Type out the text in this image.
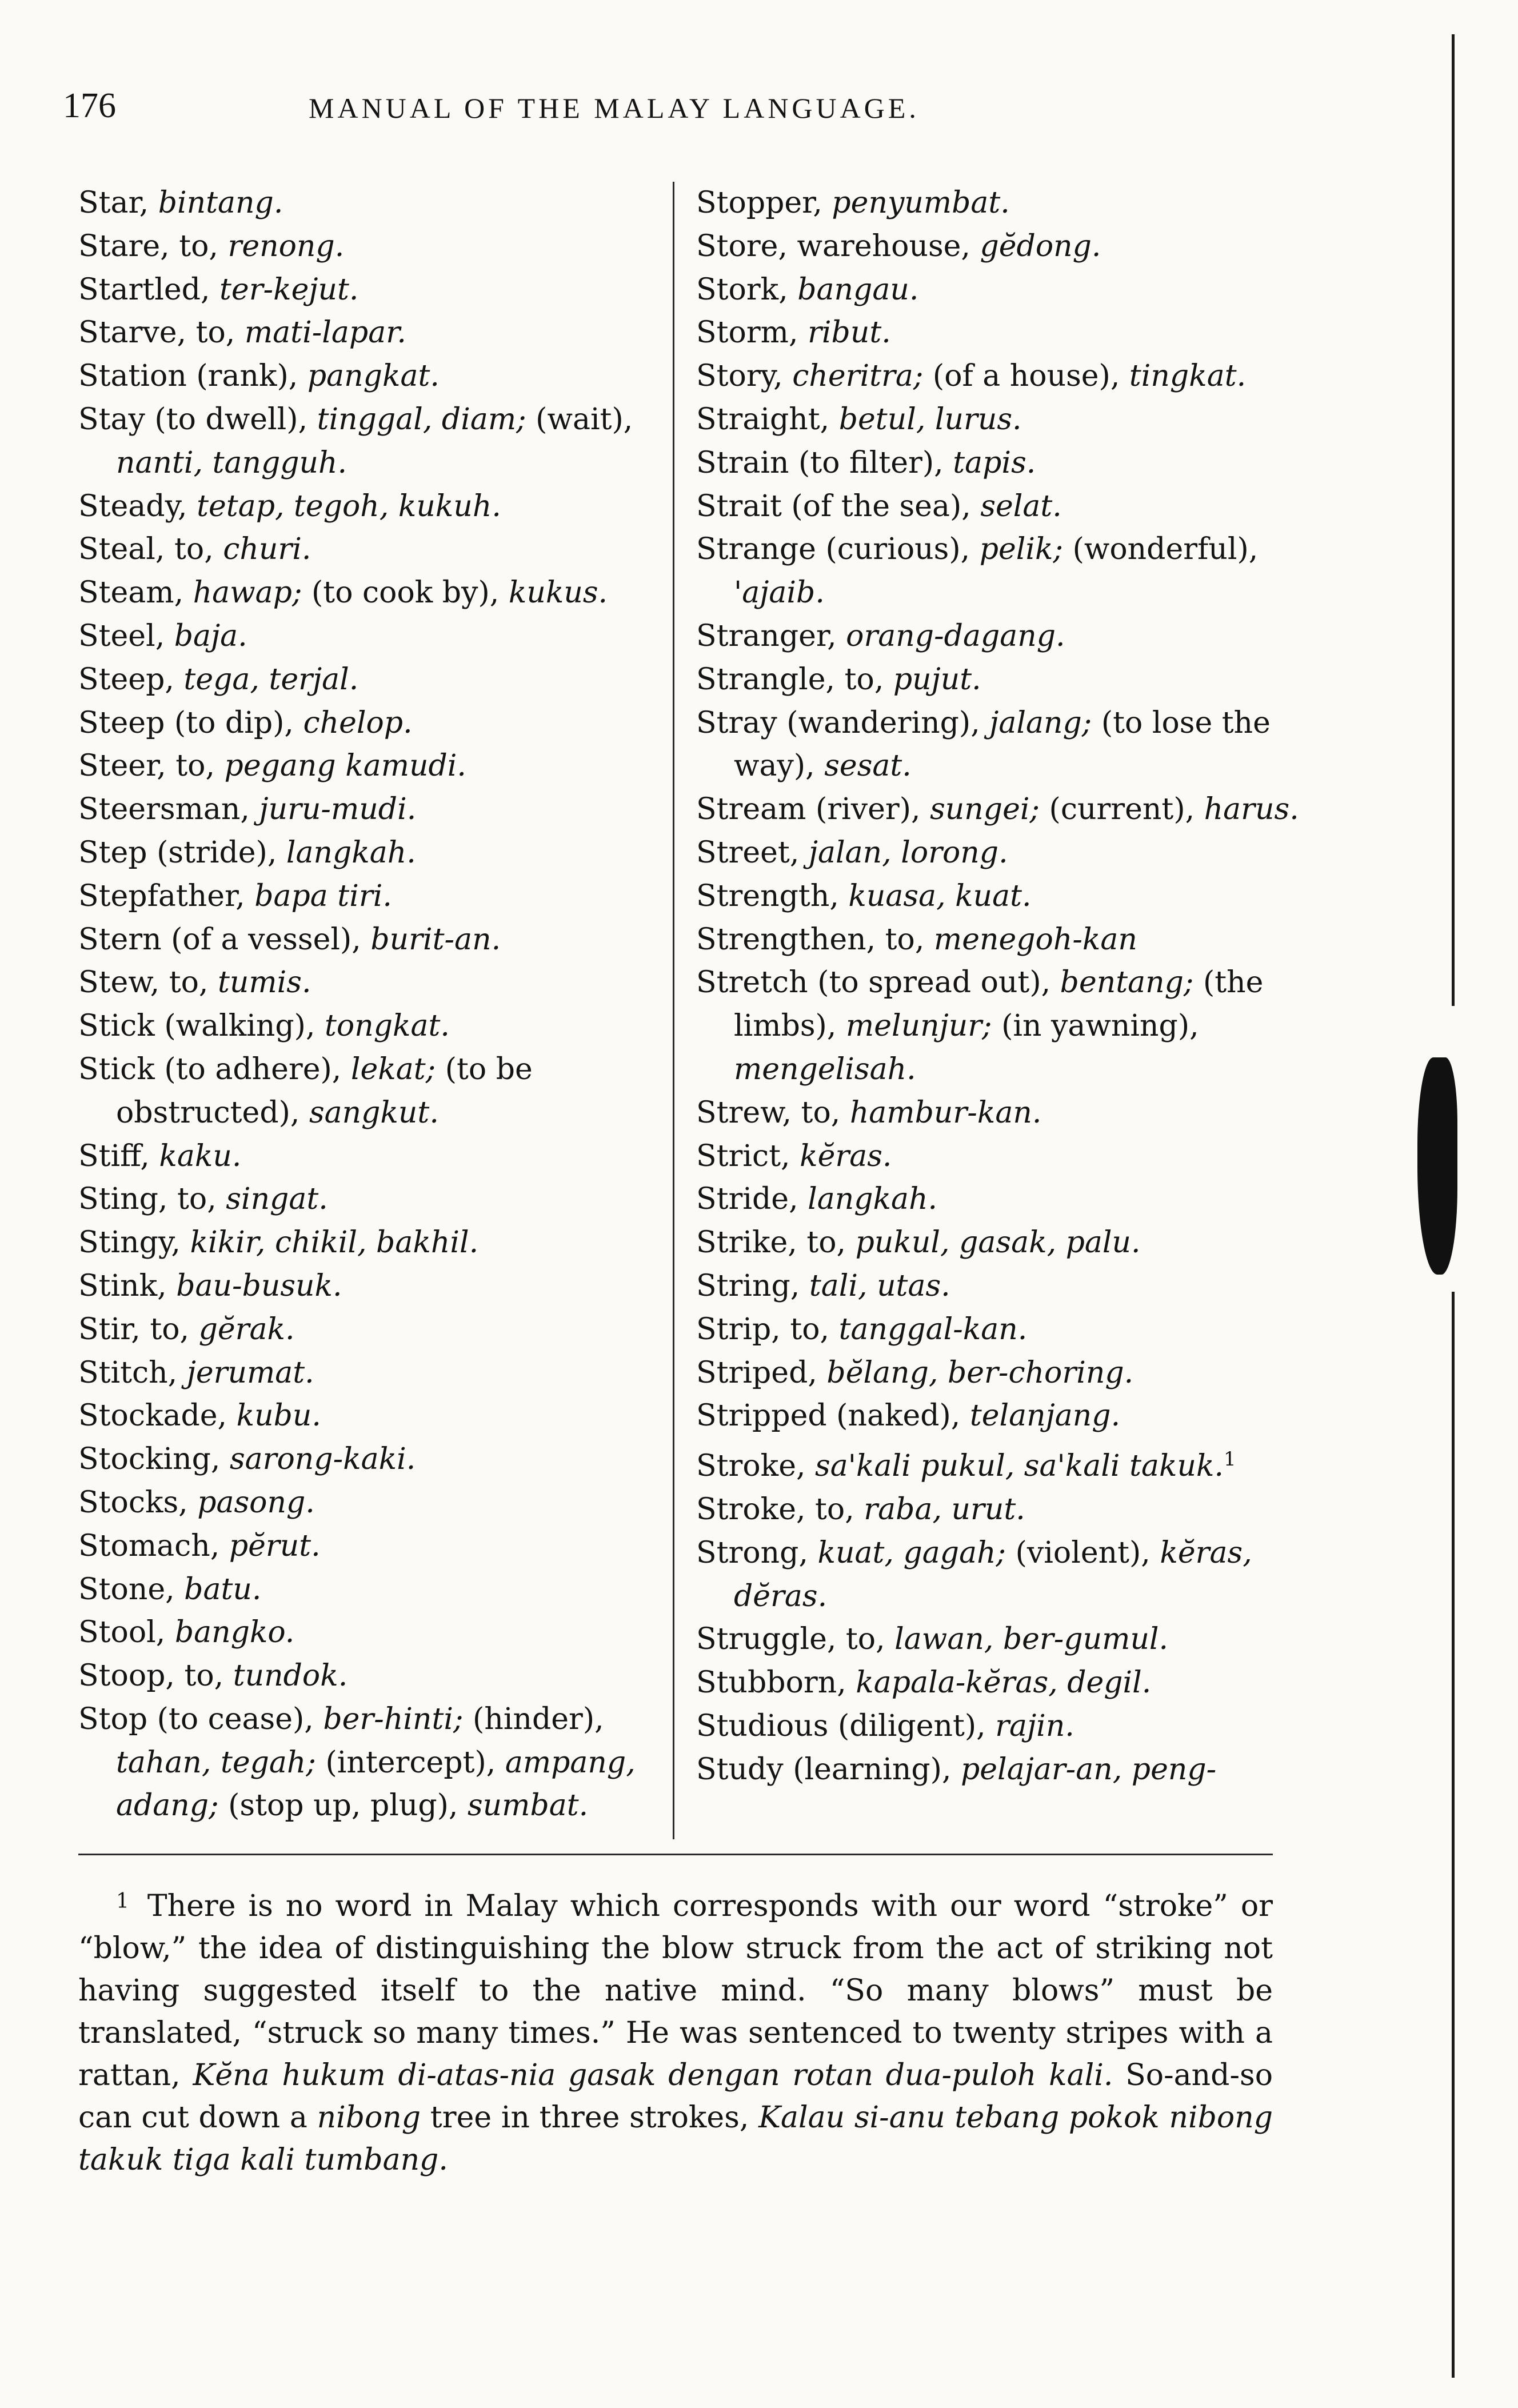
176	MANUAL OF THE MALAY LANGUAGE.
Star, bintang.
Stare, to, renong.
Startled, ter-kejut.
Starve, to, mati-lapar.
Station (rank), pangkat.
Stay (to dwell), tinggal, diam; (wait), nanti, tangguh.
Steady, tetap, tegoh, kukuh.
Steal, to, churi.
Steam, hawap; (to cook by), kukus.
Steel, baja.
Steep, tega, terjal.
Steep (to dip), chelop.
Steer, to, pegang kamudi.
Steersman, juru-mudi.
Step (stride), langkah.
Stepfather, bapa tiri.
Stern (of a vessel), burit-an.
Stew, to, tumis.
Stick (walking), tongkat.
Stick (to adhere), lekat; (to be obstructed), sangkut.
Stiff, kaku.
Sting, to, singat.
Stingy, kikir, chikil, bakhil.
Stink, bau-busuk.
Stir, to, gĕrak.
Stitch, jerumat.
Stockade, kubu.
Stocking, sarong-kaki.
Stocks, pasong.
Stomach, pĕrut.
Stone, batu.
Stool, bangko.
Stoop, to, tundok.
Stop (to cease), ber-hinti; (hinder), tahan, tegah; (intercept), ampang, adang; (stop up, plug), sumbat.
Stopper, penyumbat.
Store, warehouse, gĕdong.
Stork, bangau.
Storm, ribut.
Story, cheritra; (of a house), tingkat.
Straight, betul, lurus.
Strain (to filter), tapis.
Strait (of the sea), selat.
Strange (curious), pelik; (wonderful), 'ajaib.
Stranger, orang-dagang.
Strangle, to, pujut.
Stray (wandering), jalang; (to lose the way), sesat.
Stream (river), sungei; (current), harus.
Street, jalan, lorong.
Strength, kuasa, kuat.
Strengthen, to, menegoh-kan
Stretch (to spread out), bentang; (the limbs), melunjur; (in yawning), mengelisah.
Strew, to, hambur-kan.
Strict, kĕras.
Stride, langkah.
Strike, to, pukul, gasak, palu.
String, tali, utas.
Strip, to, tanggal-kan.
Striped, bĕlang, ber-choring.
Stripped (naked), telanjang.
Stroke, sa'kali pukul, sa'kali takuk.$^1$
Stroke, to, raba, urut.
Strong, kuat, gagah; (violent), kĕras, dĕras.
Struggle, to, lawan, ber-gumul.
Stubborn, kapala-kĕras, degil.
Studious (diligent), rajin.
Study (learning), pelajar-an, peng-
$^1$ There is no word in Malay which corresponds with our word “stroke” or “blow,” the idea of distinguishing the blow struck from the act of striking not having suggested itself to the native mind. “So many blows” must be translated, “struck so many times.” He was sentenced to twenty stripes with a rattan, Kĕna hukum di-atas-nia gasak dengan rotan dua-puloh kali. So-and-so can cut down a nibong tree in three strokes, Kalau si-anu tebang pokok nibong takuk tiga kali tumbang.
